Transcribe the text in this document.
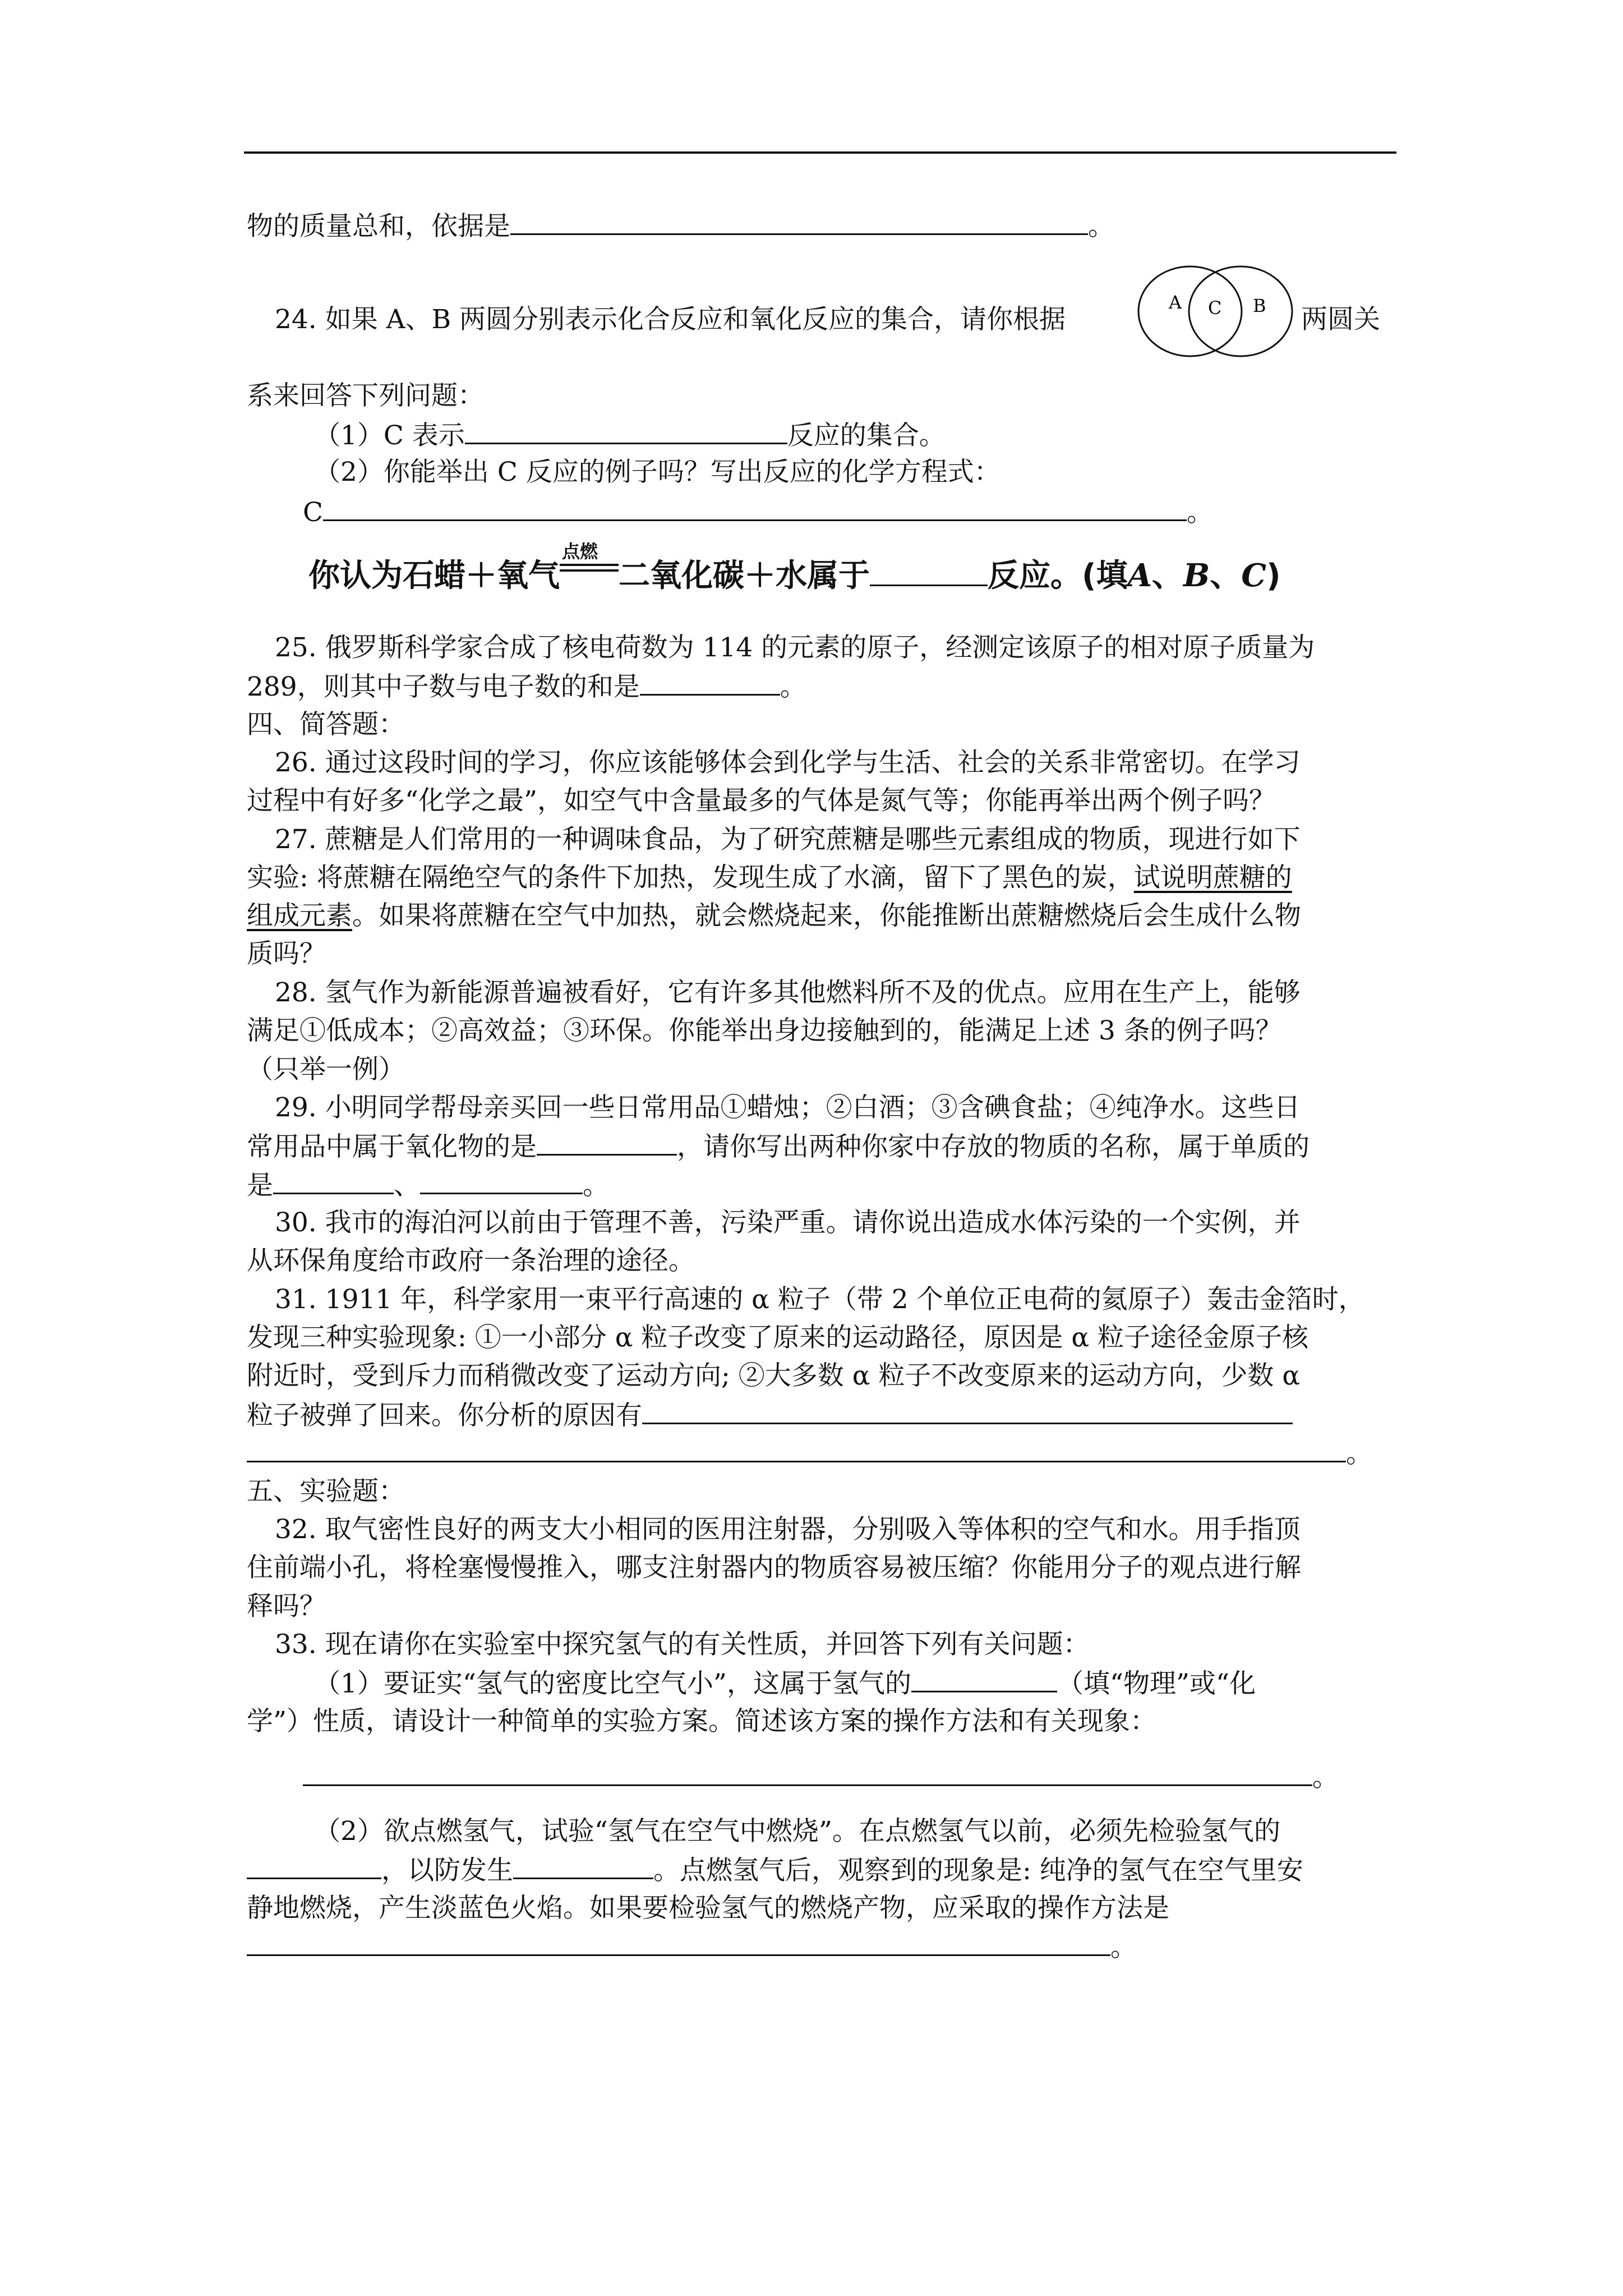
物的质量总和，依据是	。
24. 如果 A、B 两圆分别表示化合反应和氧化反应的集合，请你根据
A C B 两圆关
系来回答下列问题：
（1）C 表示	反应的集合。
（2）你能举出 C 反应的例子吗？写出反应的化学方程式：
C	。
你认为石蜡＋氧气
点燃
二氧化碳＋水属于	反应。(填A、B、C)
25. 俄罗斯科学家合成了核电荷数为 114 的元素的原子，经测定该原子的相对原子质量为
289，则其中子数与电子数的和是	。
四、简答题：
26. 通过这段时间的学习，你应该能够体会到化学与生活、社会的关系非常密切。在学习
过程中有好多“化学之最”，如空气中含量最多的气体是氮气等；你能再举出两个例子吗？
27. 蔗糖是人们常用的一种调味食品，为了研究蔗糖是哪些元素组成的物质，现进行如下
实验: 将蔗糖在隔绝空气的条件下加热，发现生成了水滴，留下了黑色的炭，试说明蔗糖的
组成元素。如果将蔗糖在空气中加热，就会燃烧起来，你能推断出蔗糖燃烧后会生成什么物
质吗？
28. 氢气作为新能源普遍被看好，它有许多其他燃料所不及的优点。应用在生产上，能够
满足①低成本；②高效益；③环保。你能举出身边接触到的，能满足上述 3 条的例子吗？
（只举一例）
29. 小明同学帮母亲买回一些日常用品①蜡烛；②白酒；③含碘食盐；④纯净水。这些日
常用品中属于氧化物的是	，请你写出两种你家中存放的物质的名称，属于单质的
是	、	。
30. 我市的海泊河以前由于管理不善，污染严重。请你说出造成水体污染的一个实例，并
从环保角度给市政府一条治理的途径。
31. 1911 年，科学家用一束平行高速的 α 粒子（带 2 个单位正电荷的氦原子）轰击金箔时，
发现三种实验现象: ①一小部分 α 粒子改变了原来的运动路径，原因是 α 粒子途径金原子核
附近时，受到斥力而稍微改变了运动方向; ②大多数 α 粒子不改变原来的运动方向，少数 α
粒子被弹了回来。你分析的原因有
。
五、实验题：
32. 取气密性良好的两支大小相同的医用注射器，分别吸入等体积的空气和水。用手指顶
住前端小孔，将栓塞慢慢推入，哪支注射器内的物质容易被压缩？你能用分子的观点进行解
释吗？
33. 现在请你在实验室中探究氢气的有关性质，并回答下列有关问题：
（1）要证实“氢气的密度比空气小”，这属于氢气的	（填“物理”或“化
学”）性质，请设计一种简单的实验方案。简述该方案的操作方法和有关现象：
。
（2）欲点燃氢气，试验“氢气在空气中燃烧”。在点燃氢气以前，必须先检验氢气的
，以防发生	。点燃氢气后，观察到的现象是: 纯净的氢气在空气里安
静地燃烧，产生淡蓝色火焰。如果要检验氢气的燃烧产物，应采取的操作方法是
。
